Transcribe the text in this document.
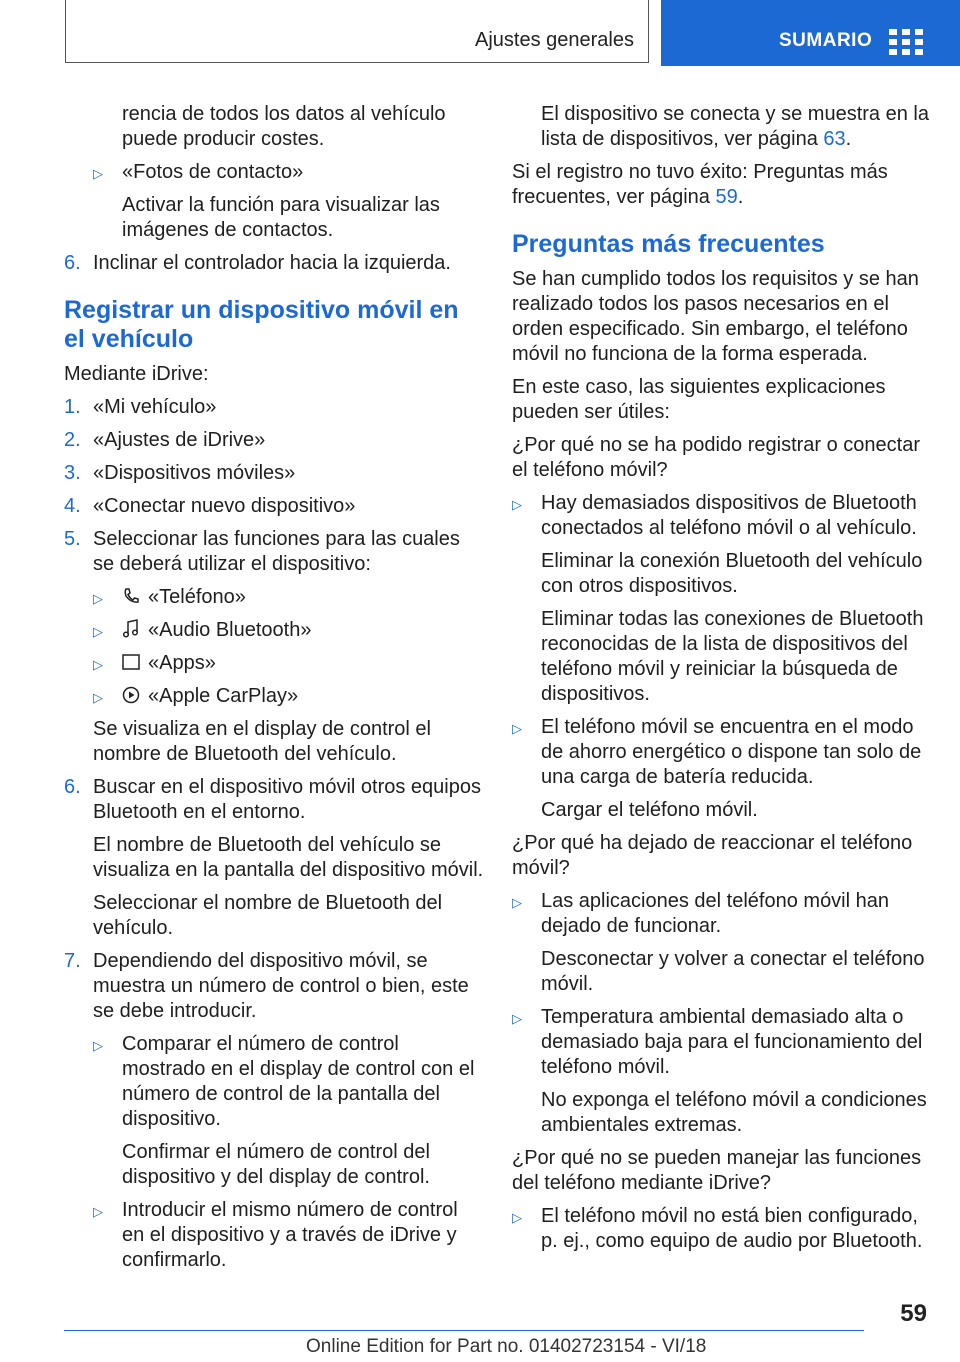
Ajustes generales	SUMARIO

rencia de todos los datos al vehículo puede producir costes.

▷ «Fotos de contacto»

Activar la función para visualizar las imágenes de contactos.

6. Inclinar el controlador hacia la izquierda.
Registrar un dispositivo móvil en el vehículo

Mediante iDrive:

1. «Mi vehículo»
2. «Ajustes de iDrive»
3. «Dispositivos móviles»
4. «Conectar nuevo dispositivo»
5. Seleccionar las funciones para las cuales se deberá utilizar el dispositivo:
▷ «Teléfono»
▷ «Audio Bluetooth»
▷ «Apps»
▷ «Apple CarPlay»

Se visualiza en el display de control el nombre de Bluetooth del vehículo.

6. Buscar en el dispositivo móvil otros equipos Bluetooth en el entorno.

El nombre de Bluetooth del vehículo se visualiza en la pantalla del dispositivo móvil.

Seleccionar el nombre de Bluetooth del vehículo.

7. Dependiendo del dispositivo móvil, se muestra un número de control o bien, este se debe introducir.
▷ Comparar el número de control mostrado en el display de control con el número de control de la pantalla del dispositivo.

Confirmar el número de control del dispositivo y del display de control.

▷ Introducir el mismo número de control en el dispositivo y a través de iDrive y confirmarlo.

El dispositivo se conecta y se muestra en la lista de dispositivos, ver página 63.

Si el registro no tuvo éxito: Preguntas más frecuentes, ver página 59.

Preguntas más frecuentes

Se han cumplido todos los requisitos y se han realizado todos los pasos necesarios en el orden especificado. Sin embargo, el teléfono móvil no funciona de la forma esperada.

En este caso, las siguientes explicaciones pueden ser útiles:

¿Por qué no se ha podido registrar o conectar el teléfono móvil?

▷ Hay demasiados dispositivos de Bluetooth conectados al teléfono móvil o al vehículo.

Eliminar la conexión Bluetooth del vehículo con otros dispositivos.

Eliminar todas las conexiones de Bluetooth reconocidas de la lista de dispositivos del teléfono móvil y reiniciar la búsqueda de dispositivos.

▷ El teléfono móvil se encuentra en el modo de ahorro energético o dispone tan solo de una carga de batería reducida.

Cargar el teléfono móvil.

¿Por qué ha dejado de reaccionar el teléfono móvil?

▷ Las aplicaciones del teléfono móvil han dejado de funcionar.

Desconectar y volver a conectar el teléfono móvil.

▷ Temperatura ambiental demasiado alta o demasiado baja para el funcionamiento del teléfono móvil.

No exponga el teléfono móvil a condiciones ambientales extremas.

¿Por qué no se pueden manejar las funciones del teléfono mediante iDrive?

▷ El teléfono móvil no está bien configurado, p. ej., como equipo de audio por Bluetooth.
59
Online Edition for Part no. 01402723154 - VI/18
